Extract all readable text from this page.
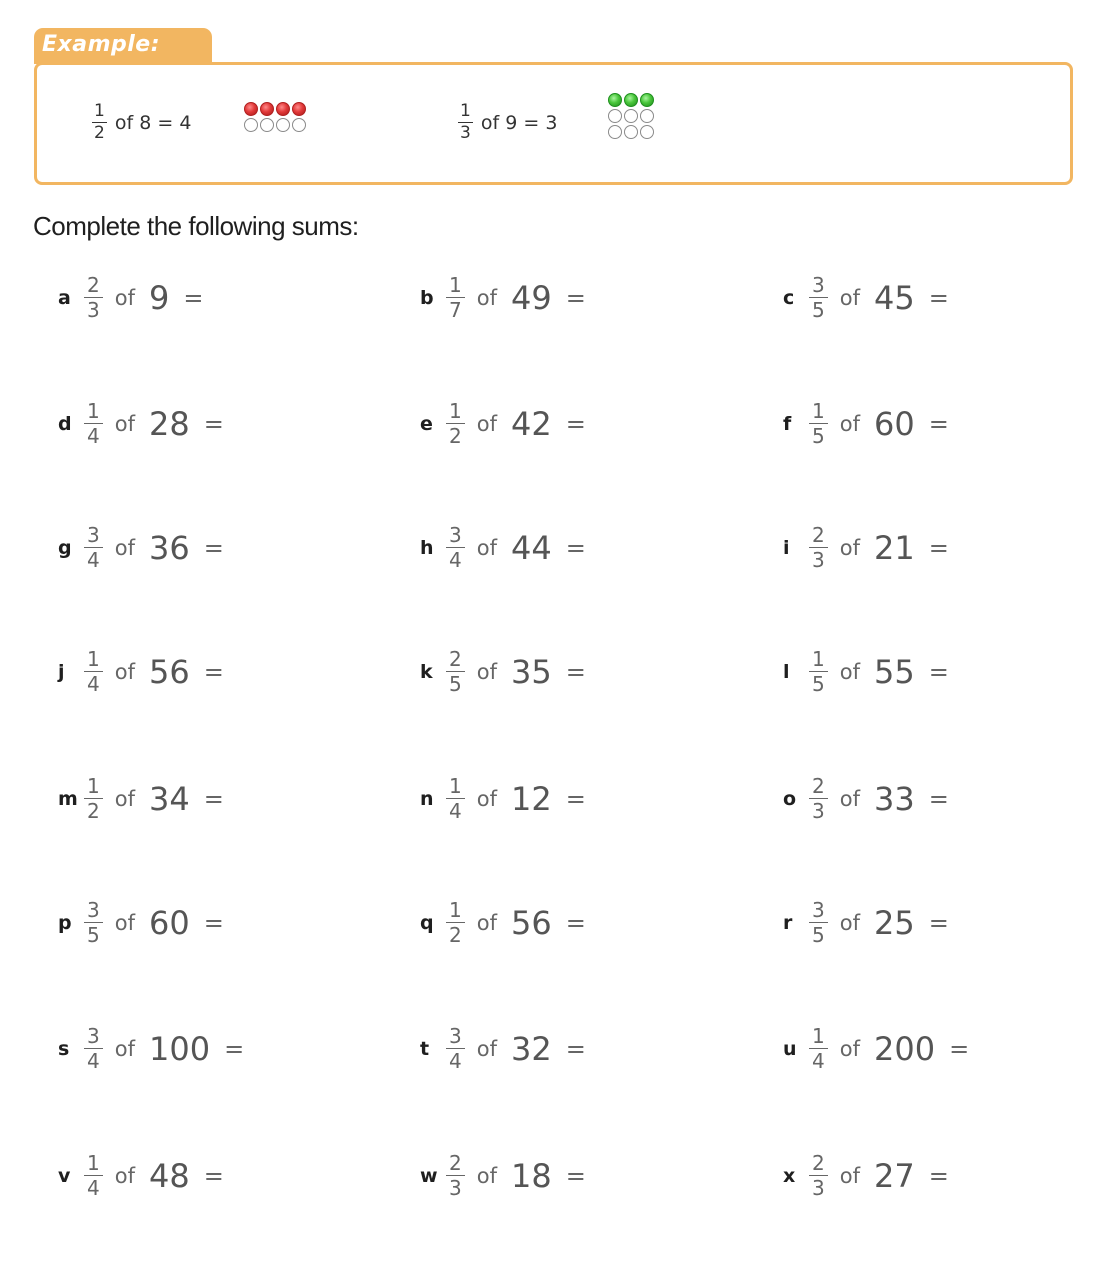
Example:
$\frac{1}{2}$ of
8
=
4	$\frac{1}{3}$ of
9
=
3
Complete the following sums:
a $\frac{2}{3}$ of 9 =	b $\frac{1}{7}$ of 49 =	c $\frac{3}{5}$ of 45 =
d $\frac{1}{4}$ of 28 =	e $\frac{1}{2}$ of 42 =	f $\frac{1}{5}$ of 60 =
g $\frac{3}{4}$ of 36 =	h $\frac{3}{4}$ of 44 =	i $\frac{2}{3}$ of 21 =
j $\frac{1}{4}$ of 56 =	k $\frac{2}{5}$ of 35 =	l $\frac{1}{5}$ of 55 =
m $\frac{1}{2}$ of 34 =	n $\frac{1}{4}$ of 12 =	o $\frac{2}{3}$ of 33 =
p $\frac{3}{5}$ of 60 =	q $\frac{1}{2}$ of 56 =	r $\frac{3}{5}$ of 25 =
s $\frac{3}{4}$ of 100 =	t $\frac{3}{4}$ of 32 =	u $\frac{1}{4}$ of 200 =
v $\frac{1}{4}$ of 48 =	w $\frac{2}{3}$ of 18 =	x $\frac{2}{3}$ of 27 =
